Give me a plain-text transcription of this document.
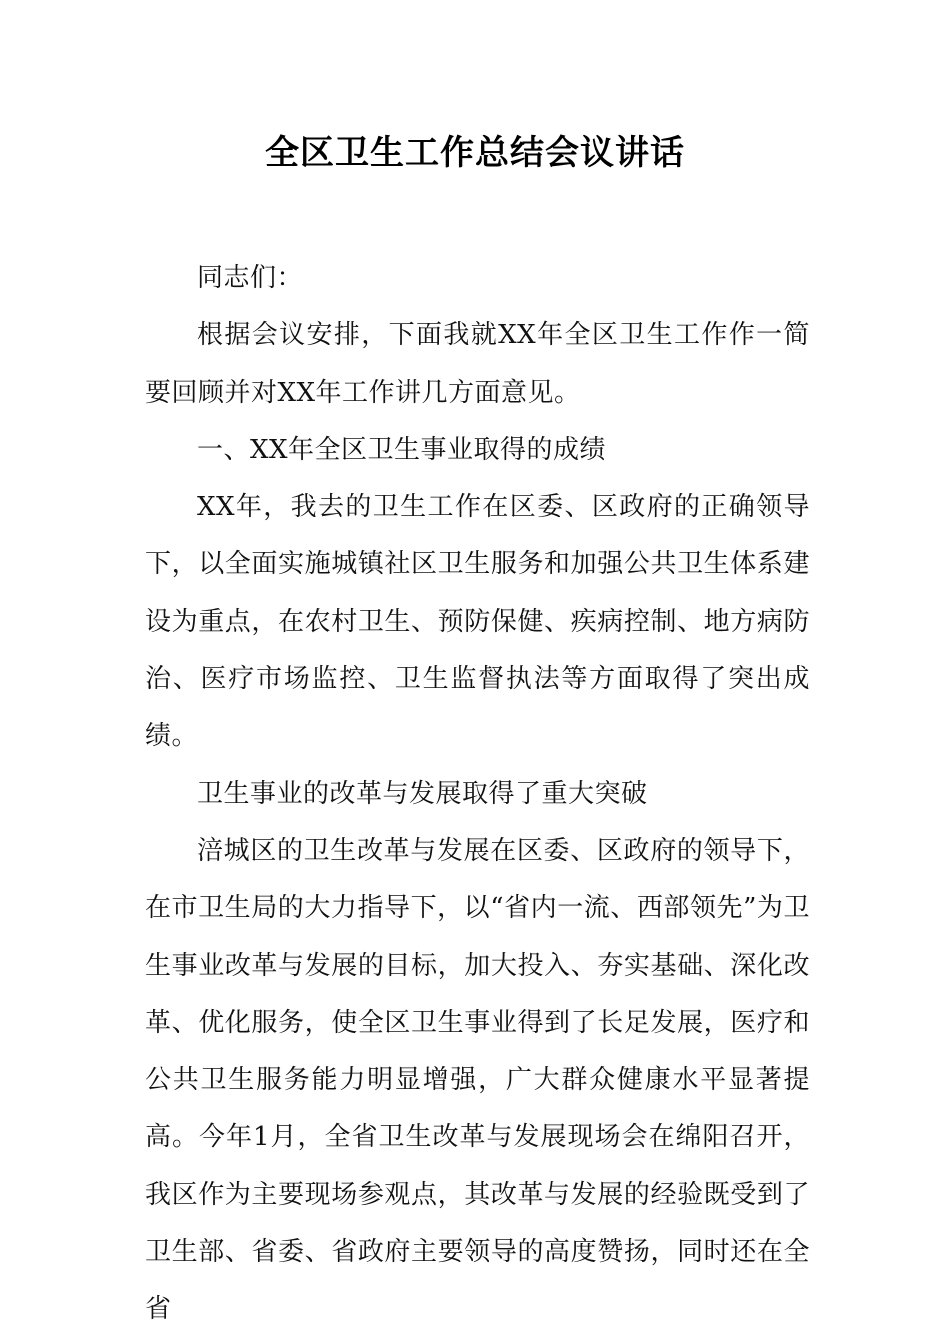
全区卫生工作总结会议讲话

同志们：

根据会议安排，下面我就XX年全区卫生工作作一简要回顾并对XX年工作讲几方面意见。

一、XX年全区卫生事业取得的成绩

XX年，我去的卫生工作在区委、区政府的正确领导下，以全面实施城镇社区卫生服务和加强公共卫生体系建设为重点，在农村卫生、预防保健、疾病控制、地方病防治、医疗市场监控、卫生监督执法等方面取得了突出成绩。

卫生事业的改革与发展取得了重大突破

涪城区的卫生改革与发展在区委、区政府的领导下，在市卫生局的大力指导下，以“省内一流、西部领先”为卫生事业改革与发展的目标，加大投入、夯实基础、深化改革、优化服务，使全区卫生事业得到了长足发展，医疗和公共卫生服务能力明显增强，广大群众健康水平显著提高。今年1月，全省卫生改革与发展现场会在绵阳召开，我区作为主要现场参观点，其改革与发展的经验既受到了卫生部、省委、省政府主要领导的高度赞扬，同时还在全省
